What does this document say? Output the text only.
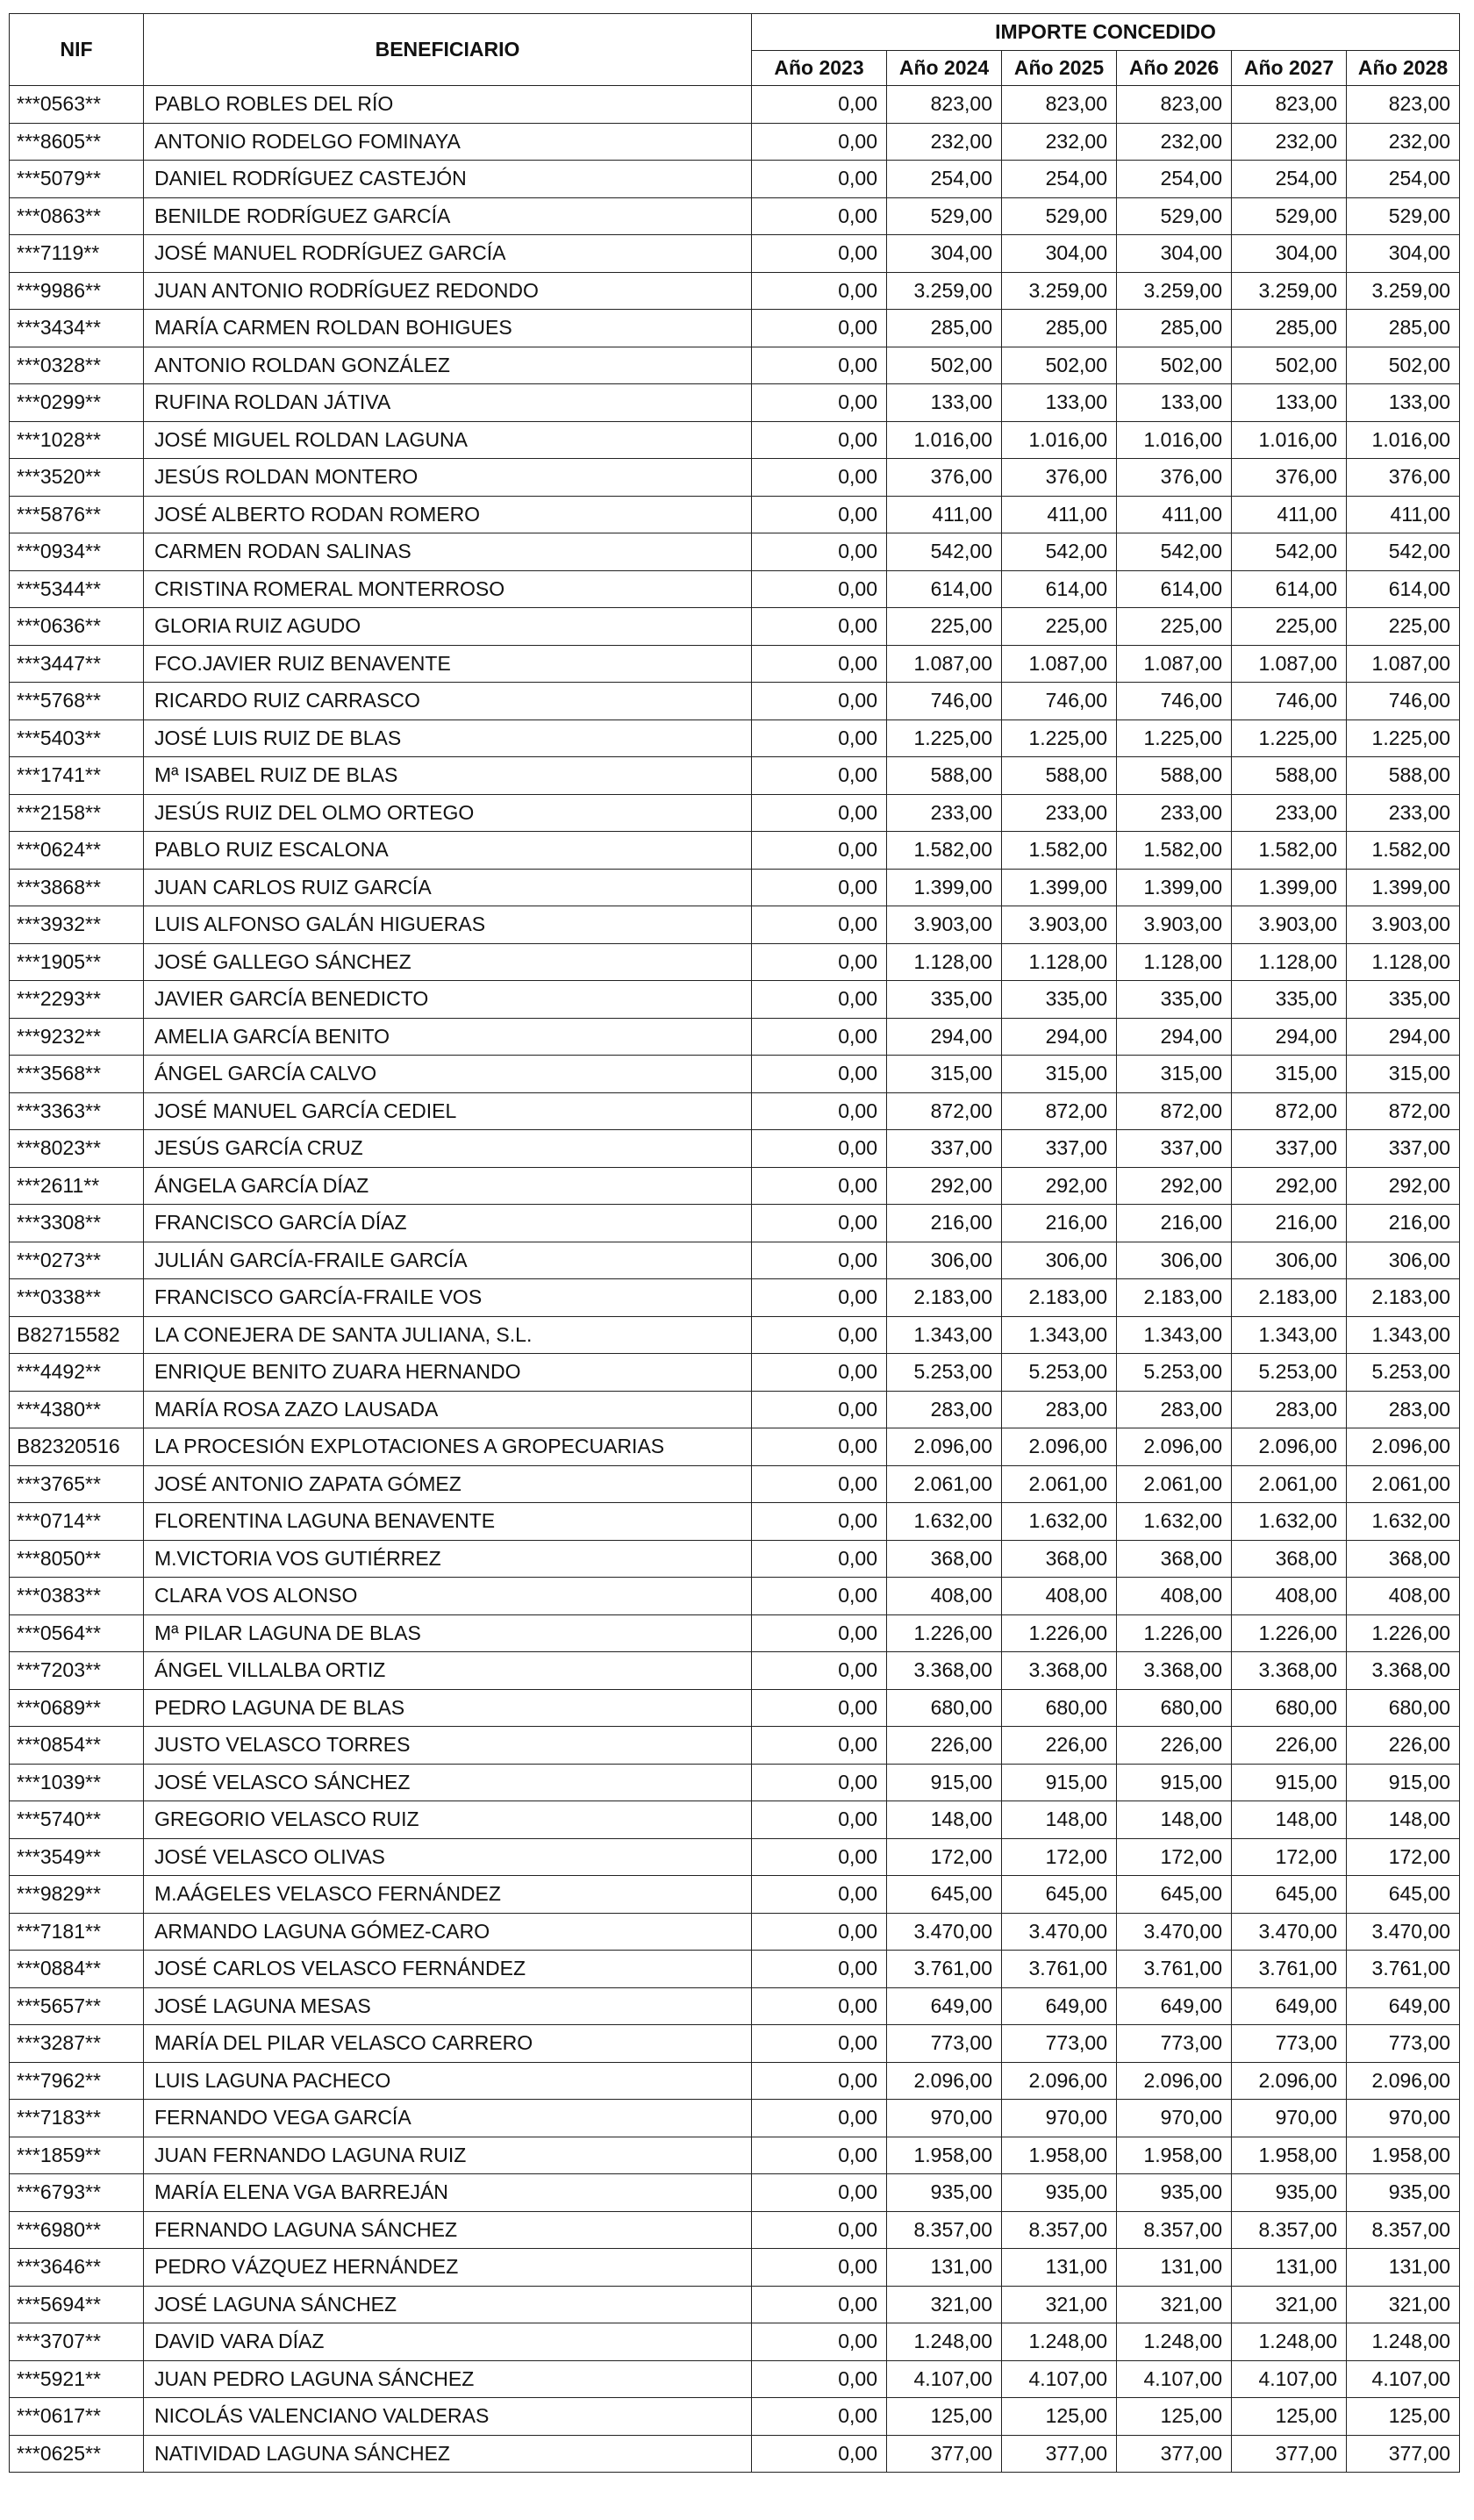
NIF	BENEFICIARIO	IMPORTE CONCEDIDO					
		Año 2023	Año 2024	Año 2025	Año 2026	Año 2027	Año 2028
***0563**	PABLO ROBLES DEL RÍO	0,00	823,00	823,00	823,00	823,00	823,00
***8605**	ANTONIO RODELGO FOMINAYA	0,00	232,00	232,00	232,00	232,00	232,00
***5079**	DANIEL RODRÍGUEZ CASTEJÓN	0,00	254,00	254,00	254,00	254,00	254,00
***0863**	BENILDE RODRÍGUEZ GARCÍA	0,00	529,00	529,00	529,00	529,00	529,00
***7119**	JOSÉ MANUEL RODRÍGUEZ GARCÍA	0,00	304,00	304,00	304,00	304,00	304,00
***9986**	JUAN ANTONIO RODRÍGUEZ REDONDO	0,00	3.259,00	3.259,00	3.259,00	3.259,00	3.259,00
***3434**	MARÍA CARMEN ROLDAN BOHIGUES	0,00	285,00	285,00	285,00	285,00	285,00
***0328**	ANTONIO ROLDAN GONZÁLEZ	0,00	502,00	502,00	502,00	502,00	502,00
***0299**	RUFINA ROLDAN JÁTIVA	0,00	133,00	133,00	133,00	133,00	133,00
***1028**	JOSÉ MIGUEL ROLDAN LAGUNA	0,00	1.016,00	1.016,00	1.016,00	1.016,00	1.016,00
***3520**	JESÚS ROLDAN MONTERO	0,00	376,00	376,00	376,00	376,00	376,00
***5876**	JOSÉ ALBERTO RODAN ROMERO	0,00	411,00	411,00	411,00	411,00	411,00
***0934**	CARMEN RODAN SALINAS	0,00	542,00	542,00	542,00	542,00	542,00
***5344**	CRISTINA ROMERAL MONTERROSO	0,00	614,00	614,00	614,00	614,00	614,00
***0636**	GLORIA RUIZ AGUDO	0,00	225,00	225,00	225,00	225,00	225,00
***3447**	FCO.JAVIER RUIZ BENAVENTE	0,00	1.087,00	1.087,00	1.087,00	1.087,00	1.087,00
***5768**	RICARDO RUIZ CARRASCO	0,00	746,00	746,00	746,00	746,00	746,00
***5403**	JOSÉ LUIS RUIZ DE BLAS	0,00	1.225,00	1.225,00	1.225,00	1.225,00	1.225,00
***1741**	Mª ISABEL RUIZ DE BLAS	0,00	588,00	588,00	588,00	588,00	588,00
***2158**	JESÚS RUIZ DEL OLMO ORTEGO	0,00	233,00	233,00	233,00	233,00	233,00
***0624**	PABLO RUIZ ESCALONA	0,00	1.582,00	1.582,00	1.582,00	1.582,00	1.582,00
***3868**	JUAN CARLOS RUIZ GARCÍA	0,00	1.399,00	1.399,00	1.399,00	1.399,00	1.399,00
***3932**	LUIS ALFONSO GALÁN HIGUERAS	0,00	3.903,00	3.903,00	3.903,00	3.903,00	3.903,00
***1905**	JOSÉ GALLEGO SÁNCHEZ	0,00	1.128,00	1.128,00	1.128,00	1.128,00	1.128,00
***2293**	JAVIER GARCÍA BENEDICTO	0,00	335,00	335,00	335,00	335,00	335,00
***9232**	AMELIA GARCÍA BENITO	0,00	294,00	294,00	294,00	294,00	294,00
***3568**	ÁNGEL GARCÍA CALVO	0,00	315,00	315,00	315,00	315,00	315,00
***3363**	JOSÉ MANUEL GARCÍA CEDIEL	0,00	872,00	872,00	872,00	872,00	872,00
***8023**	JESÚS GARCÍA CRUZ	0,00	337,00	337,00	337,00	337,00	337,00
***2611**	ÁNGELA GARCÍA DÍAZ	0,00	292,00	292,00	292,00	292,00	292,00
***3308**	FRANCISCO GARCÍA DÍAZ	0,00	216,00	216,00	216,00	216,00	216,00
***0273**	JULIÁN GARCÍA-FRAILE GARCÍA	0,00	306,00	306,00	306,00	306,00	306,00
***0338**	FRANCISCO GARCÍA-FRAILE VOS	0,00	2.183,00	2.183,00	2.183,00	2.183,00	2.183,00
B82715582	LA CONEJERA DE SANTA JULIANA, S.L.	0,00	1.343,00	1.343,00	1.343,00	1.343,00	1.343,00
***4492**	ENRIQUE BENITO ZUARA HERNANDO	0,00	5.253,00	5.253,00	5.253,00	5.253,00	5.253,00
***4380**	MARÍA ROSA ZAZO LAUSADA	0,00	283,00	283,00	283,00	283,00	283,00
B82320516	LA PROCESIÓN EXPLOTACIONES A GROPECUARIAS	0,00	2.096,00	2.096,00	2.096,00	2.096,00	2.096,00
***3765**	JOSÉ ANTONIO ZAPATA GÓMEZ	0,00	2.061,00	2.061,00	2.061,00	2.061,00	2.061,00
***0714**	FLORENTINA LAGUNA BENAVENTE	0,00	1.632,00	1.632,00	1.632,00	1.632,00	1.632,00
***8050**	M.VICTORIA VOS GUTIÉRREZ	0,00	368,00	368,00	368,00	368,00	368,00
***0383**	CLARA VOS ALONSO	0,00	408,00	408,00	408,00	408,00	408,00
***0564**	Mª PILAR LAGUNA DE BLAS	0,00	1.226,00	1.226,00	1.226,00	1.226,00	1.226,00
***7203**	ÁNGEL VILLALBA ORTIZ	0,00	3.368,00	3.368,00	3.368,00	3.368,00	3.368,00
***0689**	PEDRO LAGUNA DE BLAS	0,00	680,00	680,00	680,00	680,00	680,00
***0854**	JUSTO VELASCO TORRES	0,00	226,00	226,00	226,00	226,00	226,00
***1039**	JOSÉ VELASCO SÁNCHEZ	0,00	915,00	915,00	915,00	915,00	915,00
***5740**	GREGORIO VELASCO RUIZ	0,00	148,00	148,00	148,00	148,00	148,00
***3549**	JOSÉ VELASCO OLIVAS	0,00	172,00	172,00	172,00	172,00	172,00
***9829**	M.AÁGELES VELASCO FERNÁNDEZ	0,00	645,00	645,00	645,00	645,00	645,00
***7181**	ARMANDO LAGUNA GÓMEZ-CARO	0,00	3.470,00	3.470,00	3.470,00	3.470,00	3.470,00
***0884**	JOSÉ CARLOS VELASCO FERNÁNDEZ	0,00	3.761,00	3.761,00	3.761,00	3.761,00	3.761,00
***5657**	JOSÉ LAGUNA MESAS	0,00	649,00	649,00	649,00	649,00	649,00
***3287**	MARÍA DEL PILAR VELASCO CARRERO	0,00	773,00	773,00	773,00	773,00	773,00
***7962**	LUIS LAGUNA PACHECO	0,00	2.096,00	2.096,00	2.096,00	2.096,00	2.096,00
***7183**	FERNANDO VEGA GARCÍA	0,00	970,00	970,00	970,00	970,00	970,00
***1859**	JUAN FERNANDO LAGUNA RUIZ	0,00	1.958,00	1.958,00	1.958,00	1.958,00	1.958,00
***6793**	MARÍA ELENA VGA BARREJÁN	0,00	935,00	935,00	935,00	935,00	935,00
***6980**	FERNANDO LAGUNA SÁNCHEZ	0,00	8.357,00	8.357,00	8.357,00	8.357,00	8.357,00
***3646**	PEDRO VÁZQUEZ HERNÁNDEZ	0,00	131,00	131,00	131,00	131,00	131,00
***5694**	JOSÉ LAGUNA SÁNCHEZ	0,00	321,00	321,00	321,00	321,00	321,00
***3707**	DAVID VARA DÍAZ	0,00	1.248,00	1.248,00	1.248,00	1.248,00	1.248,00
***5921**	JUAN PEDRO LAGUNA SÁNCHEZ	0,00	4.107,00	4.107,00	4.107,00	4.107,00	4.107,00
***0617**	NICOLÁS VALENCIANO VALDERAS	0,00	125,00	125,00	125,00	125,00	125,00
***0625**	NATIVIDAD LAGUNA SÁNCHEZ	0,00	377,00	377,00	377,00	377,00	377,00
